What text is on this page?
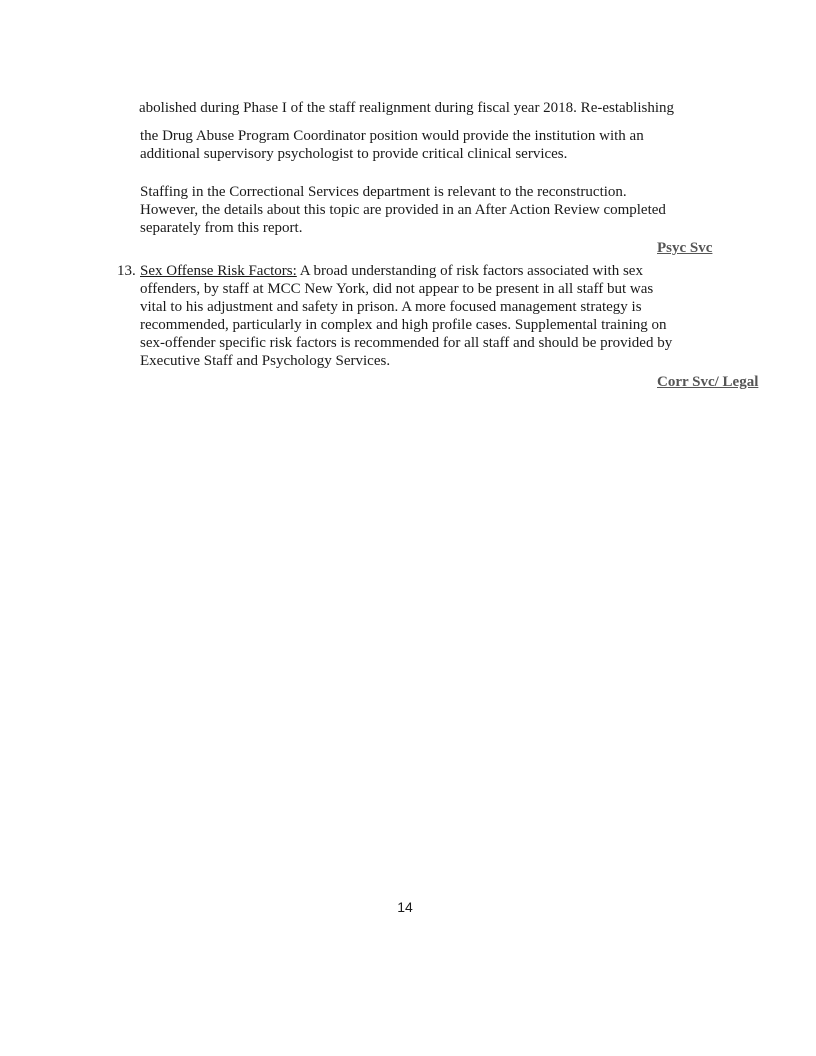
abolished during Phase I of the staff realignment during fiscal year 2018. Re-establishing
the Drug Abuse Program Coordinator position would provide the institution with an
additional supervisory psychologist to provide critical clinical services.
Staffing in the Correctional Services department is relevant to the reconstruction.
However, the details about this topic are provided in an After Action Review completed
separately from this report.
Psyc Svc
13. Sex Offense Risk Factors: A broad understanding of risk factors associated with sex
offenders, by staff at MCC New York, did not appear to be present in all staff but was
vital to his adjustment and safety in prison. A more focused management strategy is
recommended, particularly in complex and high profile cases. Supplemental training on
sex-offender specific risk factors is recommended for all staff and should be provided by
Executive Staff and Psychology Services.
Corr Svc/ Legal
14
